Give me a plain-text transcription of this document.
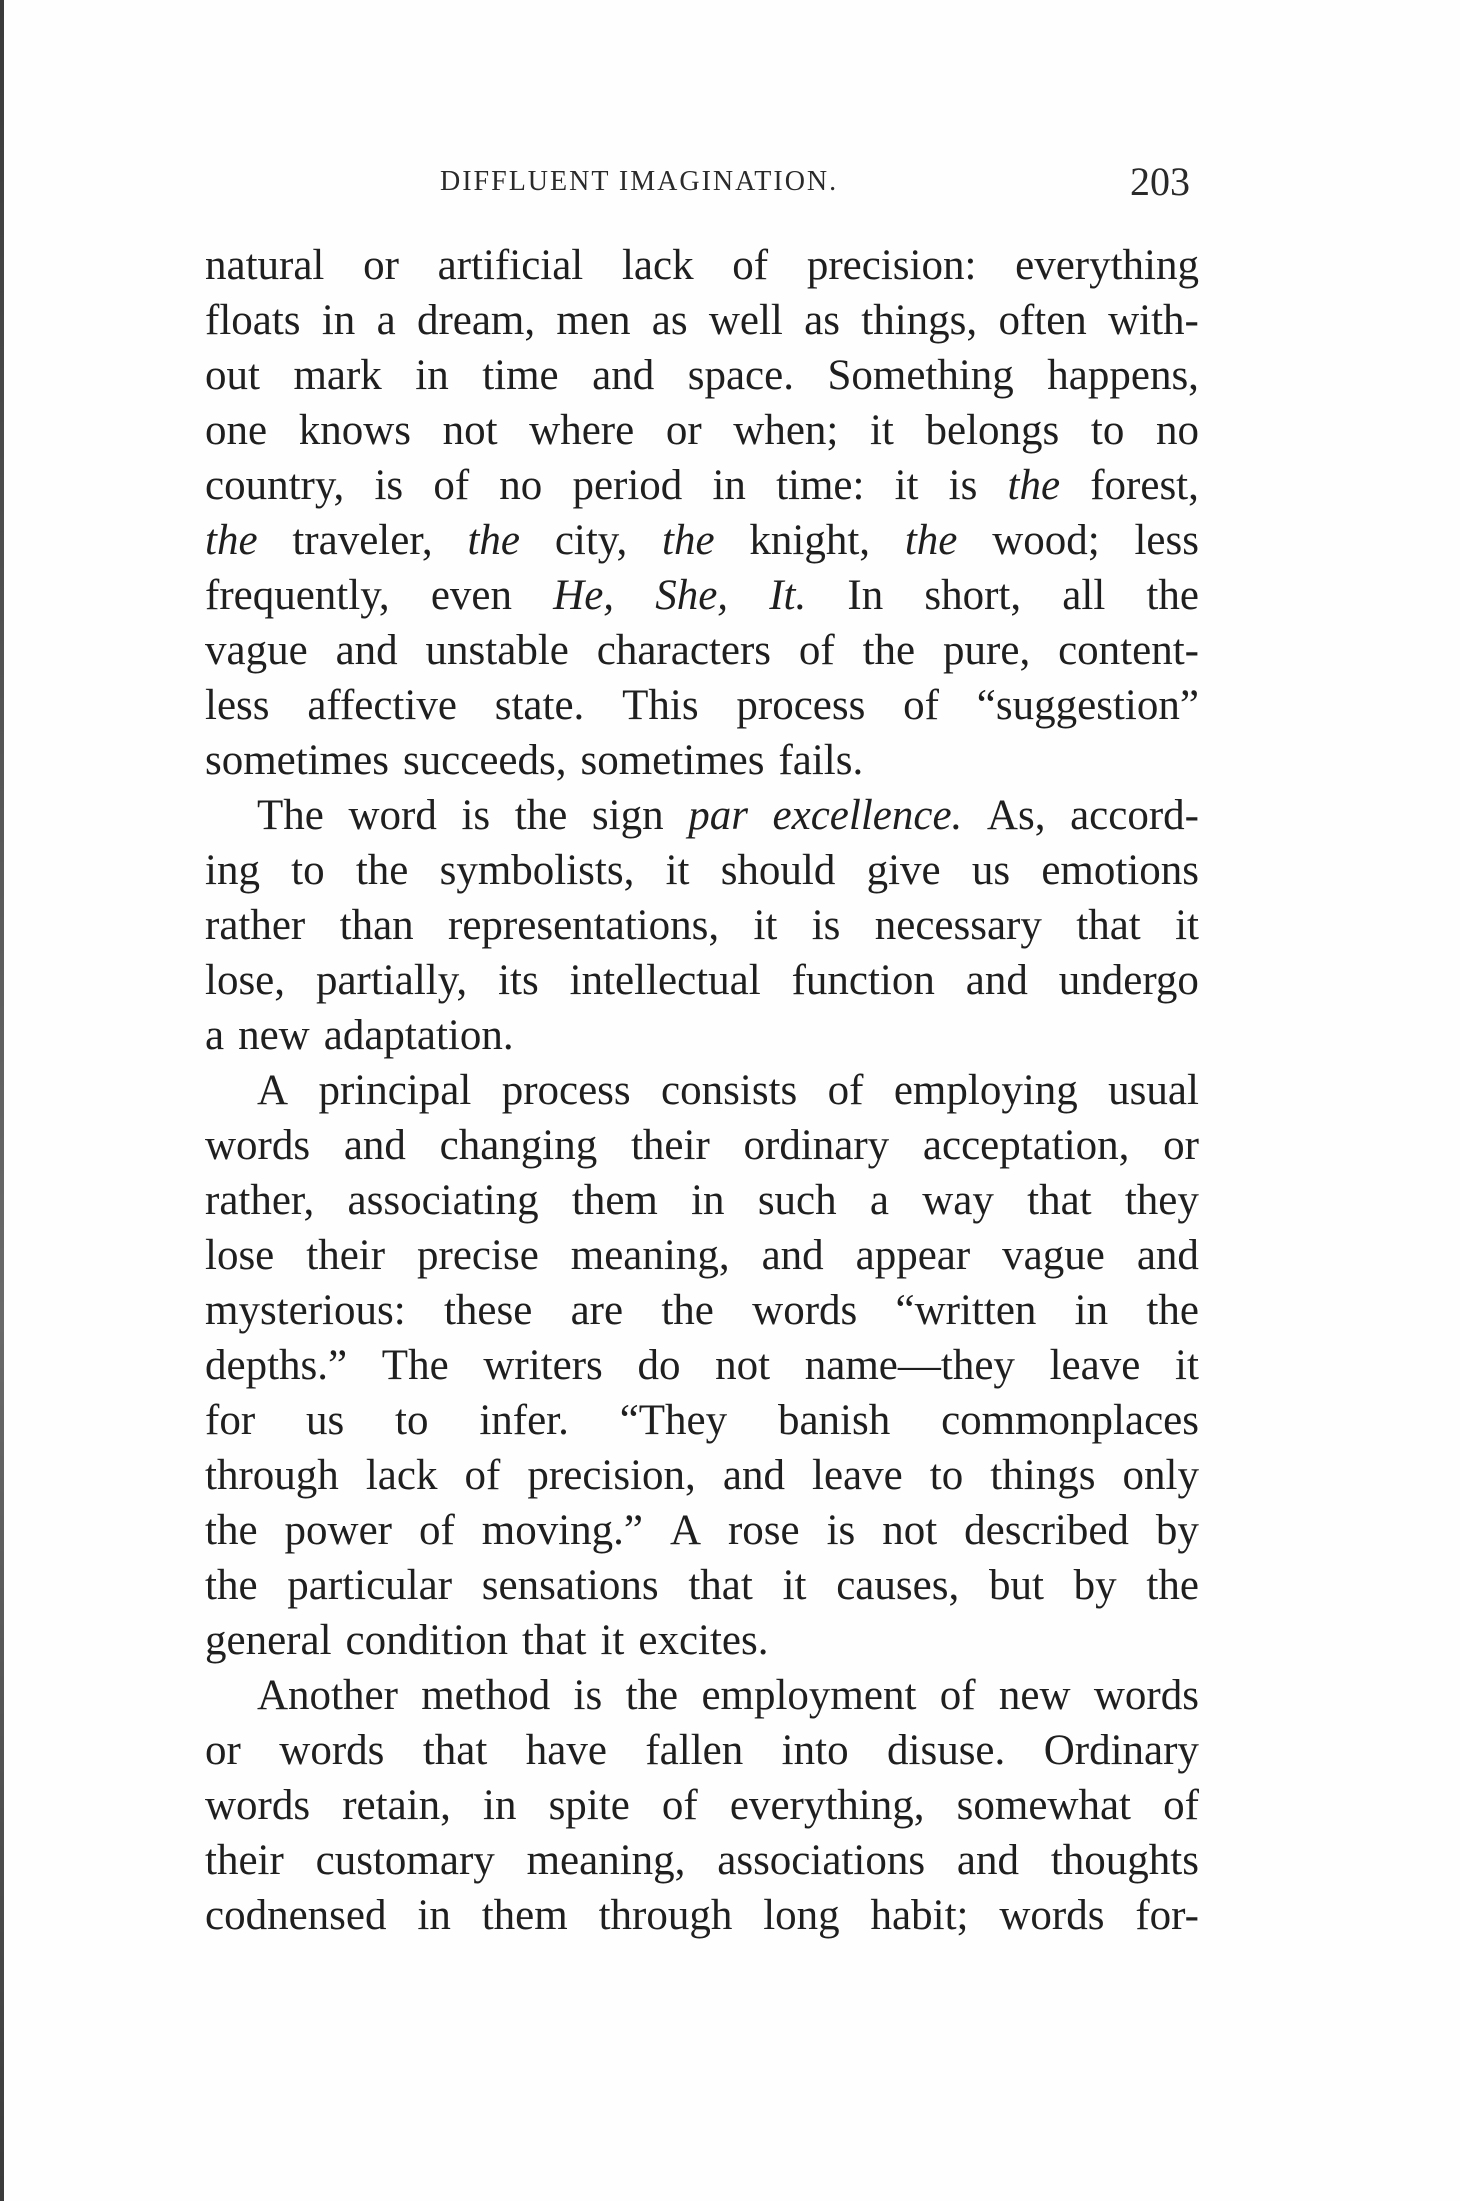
DIFFLUENT IMAGINATION.	203
natural or artificial lack of precision: everything
floats in a dream, men as well as things, often with-
out mark in time and space. Something happens,
one knows not where or when; it belongs to no
country, is of no period in time: it is the forest,
the traveler, the city, the knight, the wood; less
frequently, even He, She, It. In short, all the
vague and unstable characters of the pure, content-
less affective state. This process of “suggestion”
sometimes succeeds, sometimes fails.
The word is the sign par excellence. As, accord-
ing to the symbolists, it should give us emotions
rather than representations, it is necessary that it
lose, partially, its intellectual function and undergo
a new adaptation.
A principal process consists of employing usual
words and changing their ordinary acceptation, or
rather, associating them in such a way that they
lose their precise meaning, and appear vague and
mysterious: these are the words “written in the
depths.” The writers do not name—they leave it
for us to infer. “They banish commonplaces
through lack of precision, and leave to things only
the power of moving.” A rose is not described by
the particular sensations that it causes, but by the
general condition that it excites.
Another method is the employment of new words
or words that have fallen into disuse. Ordinary
words retain, in spite of everything, somewhat of
their customary meaning, associations and thoughts
codnensed in them through long habit; words for-
